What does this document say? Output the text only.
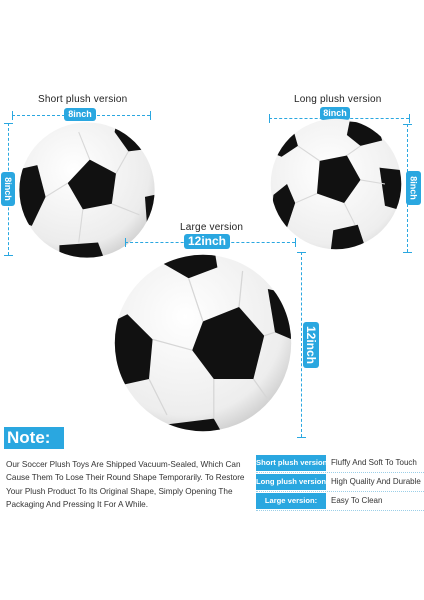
Short plush version
8inch
8inch
Long plush version
8inch
8inch
Large version
12inch
12inch
Note:
Our Soccer Plush Toys Are Shipped Vacuum-Sealed, Which Can Cause Them To Lose Their Round Shape Temporarily. To Restore Your Plush Product To Its Original Shape, Simply Opening The Packaging And Pressing It For A While.
Short plush version Fluffy And Soft To Touch
Long plush version: High Quality And Durable
Large version:	Easy To Clean
